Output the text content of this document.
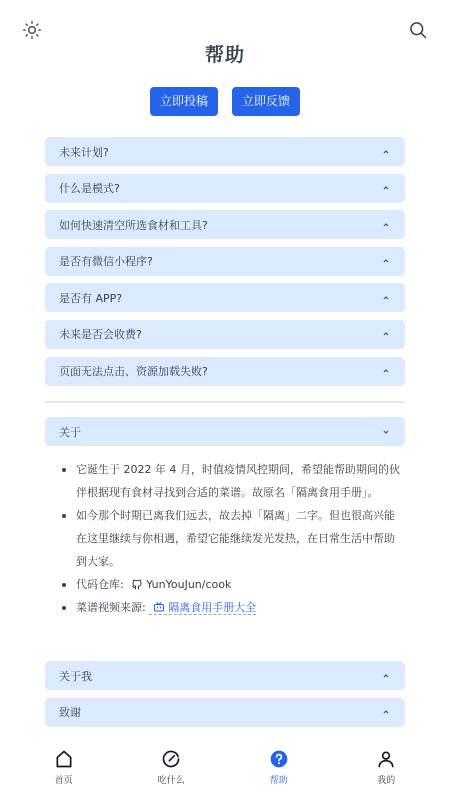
帮助
立即投稿	立即反馈
未来计划?
什么是模式?
如何快速清空所选食材和工具?
是否有微信小程序?
是否有 APP?
未来是否会收费?
页面无法点击、资源加载失败?
关于
它诞生于 2022 年 4 月，时值疫情风控期间，希望能帮助期间的伙伴根据现有食材寻找到合适的菜谱。故原名「隔离食用手册」。
如今那个时期已离我们远去，故去掉「隔离」二字。但也很高兴能在这里继续与你相遇，希望它能继续发光发热，在日常生活中帮助到大家。
代码仓库: YunYouJun/cook
菜谱视频来源: 隔离食用手册大全
关于我
致谢
首页	吃什么	帮助	我的
